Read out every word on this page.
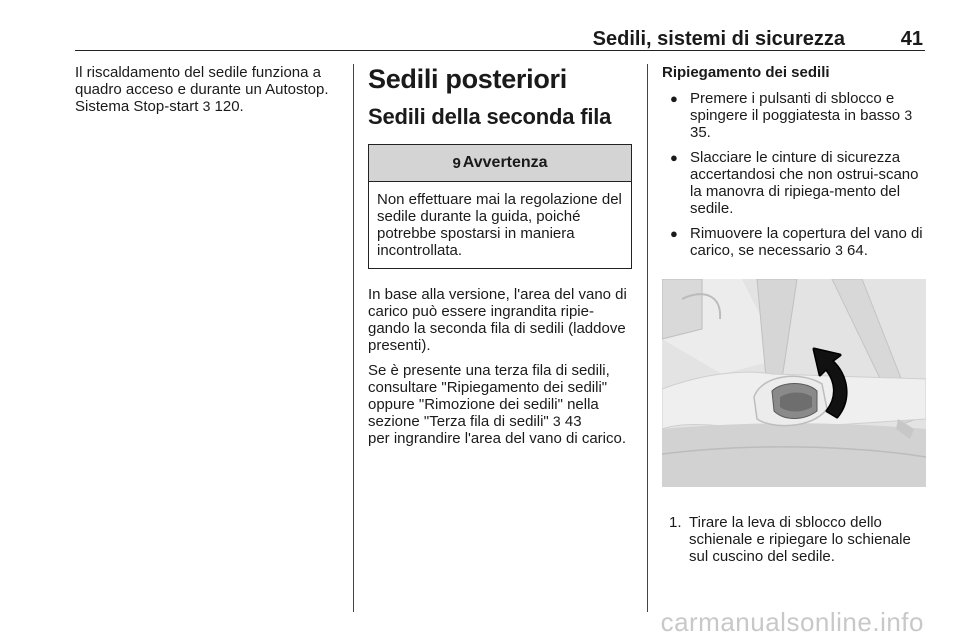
Sedili, sistemi di sicurezza	41

Il riscaldamento del sedile funziona a quadro acceso e durante un Autostop. Sistema Stop-start 3 120.

Sedili posteriori
Sedili della seconda fila
9 Avvertenza
Non effettuare mai la regolazione del sedile durante la guida, poiché potrebbe spostarsi in maniera incontrollata.

In base alla versione, l'area del vano di carico può essere ingrandita ripie-gando la seconda fila di sedili (laddove presenti).

Se è presente una terza fila di sedili, consultare "Ripiegamento dei sedili" oppure "Rimozione dei sedili" nella sezione "Terza fila di sedili" 3 43
per ingrandire l'area del vano di carico.

Ripiegamento dei sedili
● Premere i pulsanti di sblocco e spingere il poggiatesta in basso 3 35.
● Slacciare le cinture di sicurezza accertandosi che non ostrui-scano la manovra di ripiega-mento del sedile.
● Rimuovere la copertura del vano di carico, se necessario 3 64.
1. Tirare la leva di sblocco dello schienale e ripiegare lo schienale sul cuscino del sedile.
carmanualsonline.info
